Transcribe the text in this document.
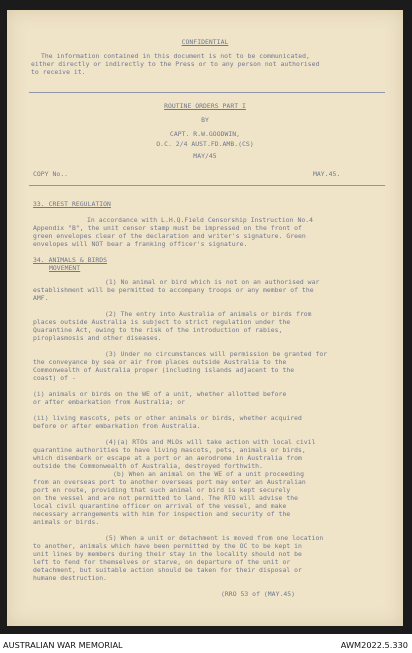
CONFIDENTIAL
The information contained in this document is not to be communicated,
either directly or indirectly to the Press or to any person not authorised
to receive it.
ROUTINE ORDERS PART I
BY
CAPT. R.W.GOODWIN,
O.C. 2/4 AUST.FD.AMB.(CS)
MAY/45
COPY No..	MAY.45.
33. CREST REGULATION
In accordance with L.H.Q.Field Censorship Instruction No.4
Appendix "B", the unit censor stamp must be impressed on the front of
green envelopes clear of the declaration and writer's signature. Green
envelopes will NOT bear a franking officer's signature.
34. ANIMALS & BIRDS
MOVEMENT
(1) No animal or bird which is not on an authorised war
establishment will be permitted to accompany troops or any member of the
AMF.
(2) The entry into Australia of animals or birds from
places outside Australia is subject to strict regulation under the
Quarantine Act, owing to the risk of the introduction of rabies,
piroplasmosis and other diseases.
(3) Under no circumstances will permission be granted for
the conveyance by sea or air from places outside Australia to the
Commonwealth of Australia proper (including islands adjacent to the
coast) of -
(i) animals or birds on the WE of a unit, whether allotted before
or after embarkation from Australia; or
(ii) living mascots, pets or other animals or birds, whether acquired
before or after embarkation from Australia.
(4)(a) RTOs and MLOs will take action with local civil
quarantine authorities to have living mascots, pets, animals or birds,
which disembark or escape at a port or an aerodrome in Australia from
outside the Commonwealth of Australia, destroyed forthwith.
(b) When an animal on the WE of a unit proceeding
from an overseas port to another overseas port may enter an Australian
port en route, providing that such animal or bird is kept securely
on the vessel and are not permitted to land. The RTO will advise the
local civil quarantine officer on arrival of the vessel, and make
necessary arrangements with him for inspection and security of the
animals or birds.
(5) When a unit or detachment is moved from one location
to another, animals which have been permitted by the OC to be kept in
unit lines by members during their stay in the locality should not be
left to fend for themselves or starve, on departure of the unit or
detachment, but suitable action should be taken for their disposal or
humane destruction.
(RRO 53 of (MAY.45)
AUSTRALIAN WAR MEMORIAL	AWM2022.5.330
